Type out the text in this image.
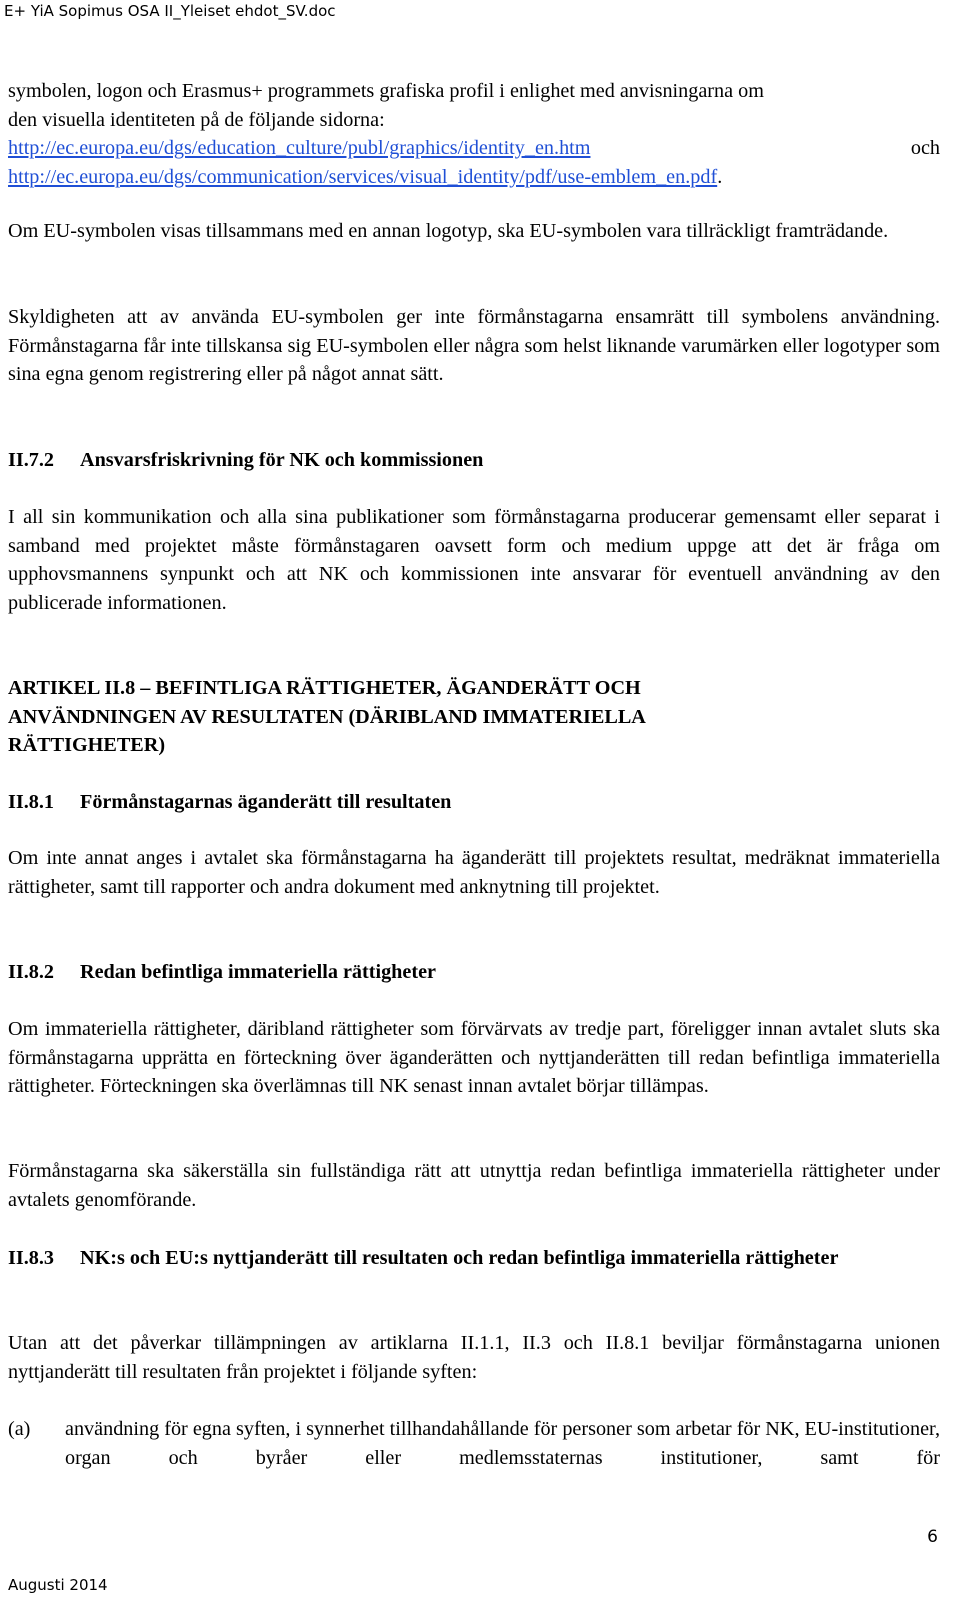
E+ YiA Sopimus OSA II_Yleiset ehdot_SV.doc

symbolen, logon och Erasmus+ programmets grafiska profil i enlighet med anvisningarna om

den visuella identiteten på de följande sidorna:

http://ec.europa.eu/dgs/education_culture/publ/graphics/identity_en.htm	och
http://ec.europa.eu/dgs/communication/services/visual_identity/pdf/use-emblem_en.pdf.

Om EU-symbolen visas tillsammans med en annan logotyp, ska EU-symbolen vara tillräckligt framträdande.

Skyldigheten att av använda EU-symbolen ger inte förmånstagarna ensamrätt till symbolens användning. Förmånstagarna får inte tillskansa sig EU-symbolen eller några som helst liknande varumärken eller logotyper som sina egna genom registrering eller på något annat sätt.

II.7.2	Ansvarsfriskrivning för NK och kommissionen

I all sin kommunikation och alla sina publikationer som förmånstagarna producerar gemensamt eller separat i samband med projektet måste förmånstagaren oavsett form och medium uppge att det är fråga om upphovsmannens synpunkt och att NK och kommissionen inte ansvarar för eventuell användning av den publicerade informationen.

ARTIKEL II.8 – BEFINTLIGA RÄTTIGHETER, ÄGANDERÄTT OCH

ANVÄNDNINGEN AV RESULTATEN (DÄRIBLAND IMMATERIELLA

RÄTTIGHETER)

II.8.1	Förmånstagarnas äganderätt till resultaten

Om inte annat anges i avtalet ska förmånstagarna ha äganderätt till projektets resultat, medräknat immateriella rättigheter, samt till rapporter och andra dokument med anknytning till projektet.

II.8.2	Redan befintliga immateriella rättigheter

Om immateriella rättigheter, däribland rättigheter som förvärvats av tredje part, föreligger innan avtalet sluts ska förmånstagarna upprätta en förteckning över äganderätten och nyttjanderätten till redan befintliga immateriella rättigheter. Förteckningen ska överlämnas till NK senast innan avtalet börjar tillämpas.

Förmånstagarna ska säkerställa sin fullständiga rätt att utnyttja redan befintliga immateriella rättigheter under avtalets genomförande.

II.8.3	NK:s och EU:s nyttjanderätt till resultaten och redan befintliga immateriella rättigheter

Utan att det påverkar tillämpningen av artiklarna II.1.1, II.3 och II.8.1 beviljar förmånstagarna unionen nyttjanderätt till resultaten från projektet i följande syften:

(a)	användning för egna syften, i synnerhet tillhandahållande för personer som arbetar för NK, EU-institutioner, organ och byråer eller medlemsstaternas institutioner, samt för
6
Augusti 2014
